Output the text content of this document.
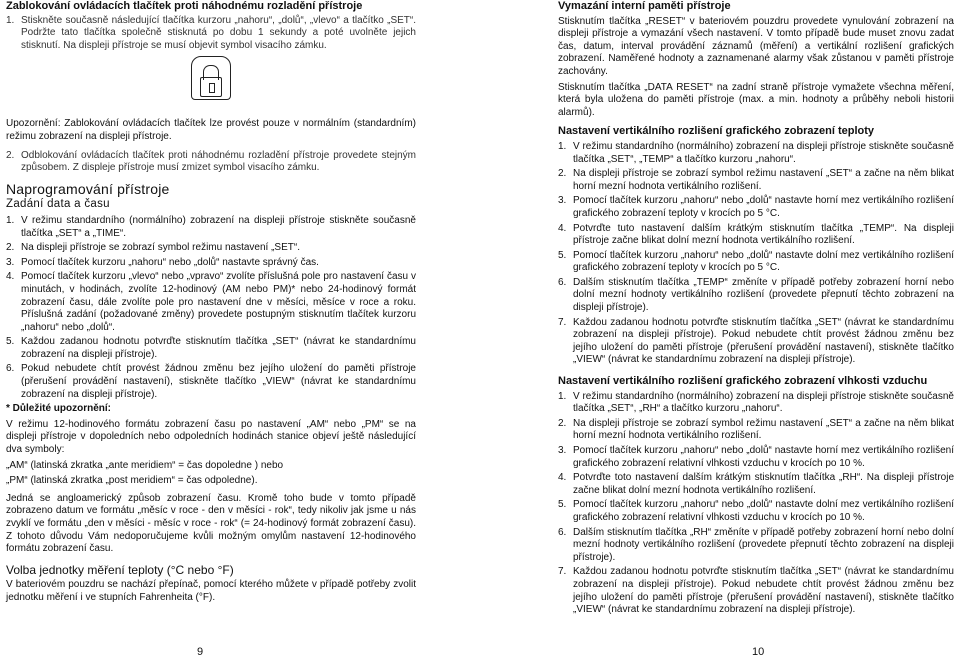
Zablokování ovládacích tlačítek proti náhodnému rozladění přístroje
1. Stiskněte současně následující tlačítka kurzoru „nahoru“, „dolů“, „vlevo“ a tlačítko „SET“. Podržte tato tlačítka společně stisknutá po dobu 1 sekundy a poté uvolněte jejich stisknutí. Na displeji přístroje se musí objevit symbol visacího zámku.

Upozornění: Zablokování ovládacích tlačítek lze provést pouze v normálním (standardním) režimu zobrazení na displeji přístroje.

2. Odblokování ovládacích tlačítek proti náhodnému rozladění přístroje provedete stejným způsobem. Z displeje přístroje musí zmizet symbol visacího zámku.
Naprogramování přístroje
Zadání data a času
1. V režimu standardního (normálního) zobrazení na displeji přístroje stiskněte současně tlačítka „SET“ a „TIME“.
2. Na displeji přístroje se zobrazí symbol režimu nastavení „SET“.
3. Pomocí tlačítek kurzoru „nahoru“ nebo „dolů“ nastavte správný čas.
4. Pomocí tlačítek kurzoru „vlevo“ nebo „vpravo“ zvolíte příslušná pole pro nastavení času v minutách, v hodinách, zvolíte 12-hodinový (AM nebo PM)* nebo 24-hodinový formát zobrazení času, dále zvolíte pole pro nastavení dne v měsíci, měsíce v roce a roku. Příslušná zadání (požadované změny) provedete postupným stisknutím tlačítek kurzoru „nahoru“ nebo „dolů“.
5. Každou zadanou hodnotu potvrďte stisknutím tlačítka „SET“ (návrat ke standardnímu zobrazení na displeji přístroje).
6. Pokud nebudete chtít provést žádnou změnu bez jejího uložení do paměti přístroje (přerušení provádění nastavení), stiskněte tlačítko „VIEW“ (návrat ke standardnímu zobrazení na displeji přístroje).
* Důležité upozornění:

V režimu 12-hodinového formátu zobrazení času po nastavení „AM“ nebo „PM“ se na displeji přístroje v dopoledních nebo odpoledních hodinách stanice objeví ještě následující dva symboly:

„AM“ (latinská zkratka „ante meridiem“ = čas dopoledne ) nebo
„PM“ (latinská zkratka „post meridiem“ = čas odpoledne).

Jedná se angloamerický způsob zobrazení času. Kromě toho bude v tomto případě zobrazeno datum ve formátu „měsíc v roce - den v měsíci - rok“, tedy nikoliv jak jsme u nás zvyklí ve formátu „den v měsíci - měsíc v roce - rok“ (= 24-hodinový formát zobrazení času). Z tohoto důvodu Vám nedoporučujeme kvůli možným omylům nastavení 12-hodinového formátu zobrazení času.

Volba jednotky měření teploty (°C nebo °F)

V bateriovém pouzdru se nachází přepínač, pomocí kterého můžete v případě potřeby zvolit jednotku měření i ve stupních Fahrenheita (°F).

Vymazání interní paměti přístroje

Stisknutím tlačítka „RESET“ v bateriovém pouzdru provedete vynulování zobrazení na displeji přístroje a vymazání všech nastavení. V tomto případě bude muset znovu zadat čas, datum, interval provádění záznamů (měření) a vertikální rozlišení grafických zobrazení. Naměřené hodnoty a zaznamenané alarmy však zůstanou v paměti přístroje zachovány.

Stisknutím tlačítka „DATA RESET“ na zadní straně přístroje vymažete všechna měření, která byla uložena do paměti přístroje (max. a min. hodnoty a průběhy neboli historii alarmů).

Nastavení vertikálního rozlišení grafického zobrazení teploty
1. V režimu standardního (normálního) zobrazení na displeji přístroje stiskněte současně tlačítka „SET“, „TEMP“ a tlačítko kurzoru „nahoru“.
2. Na displeji přístroje se zobrazí symbol režimu nastavení „SET“ a začne na něm blikat horní mezní hodnota vertikálního rozlišení.
3. Pomocí tlačítek kurzoru „nahoru“ nebo „dolů“ nastavte horní mez vertikálního rozlišení grafického zobrazení teploty v krocích po 5 °C.
4. Potvrďte tuto nastavení dalším krátkým stisknutím tlačítka „TEMP“. Na displeji přístroje začne blikat dolní mezní hodnota vertikálního rozlišení.
5. Pomocí tlačítek kurzoru „nahoru“ nebo „dolů“ nastavte dolní mez vertikálního rozlišení grafického zobrazení teploty v krocích po 5 °C.
6. Dalším stisknutím tlačítka „TEMP“ změníte v případě potřeby zobrazení horní nebo dolní mezní hodnoty vertikálního rozlišení (provedete přepnutí těchto zobrazení na displeji přístroje).
7. Každou zadanou hodnotu potvrďte stisknutím tlačítka „SET“ (návrat ke standardnímu zobrazení na displeji přístroje). Pokud nebudete chtít provést žádnou změnu bez jejího uložení do paměti přístroje (přerušení provádění nastavení), stiskněte tlačítko „VIEW“ (návrat ke standardnímu zobrazení na displeji přístroje).
Nastavení vertikálního rozlišení grafického zobrazení vlhkosti vzduchu
1. V režimu standardního (normálního) zobrazení na displeji přístroje stiskněte současně tlačítka „SET“, „RH“ a tlačítko kurzoru „nahoru“.
2. Na displeji přístroje se zobrazí symbol režimu nastavení „SET“ a začne na něm blikat horní mezní hodnota vertikálního rozlišení.
3. Pomocí tlačítek kurzoru „nahoru“ nebo „dolů“ nastavte horní mez vertikálního rozlišení grafického zobrazení relativní vlhkosti vzduchu v krocích po 10 %.
4. Potvrďte toto nastavení dalším krátkým stisknutím tlačítka „RH“. Na displeji přístroje začne blikat dolní mezní hodnota vertikálního rozlišení.
5. Pomocí tlačítek kurzoru „nahoru“ nebo „dolů“ nastavte dolní mez vertikálního rozlišení grafického zobrazení relativní vlhkosti vzduchu v krocích po 10 %.
6. Dalším stisknutím tlačítka „RH“ změníte v případě potřeby zobrazení horní nebo dolní mezní hodnoty vertikálního rozlišení (provedete přepnutí těchto zobrazení na displeji přístroje).
7. Každou zadanou hodnotu potvrďte stisknutím tlačítka „SET“ (návrat ke standardnímu zobrazení na displeji přístroje). Pokud nebudete chtít provést žádnou změnu bez jejího uložení do paměti přístroje (přerušení provádění nastavení), stiskněte tlačítko „VIEW“ (návrat ke standardnímu zobrazení na displeji přístroje).
9	10
